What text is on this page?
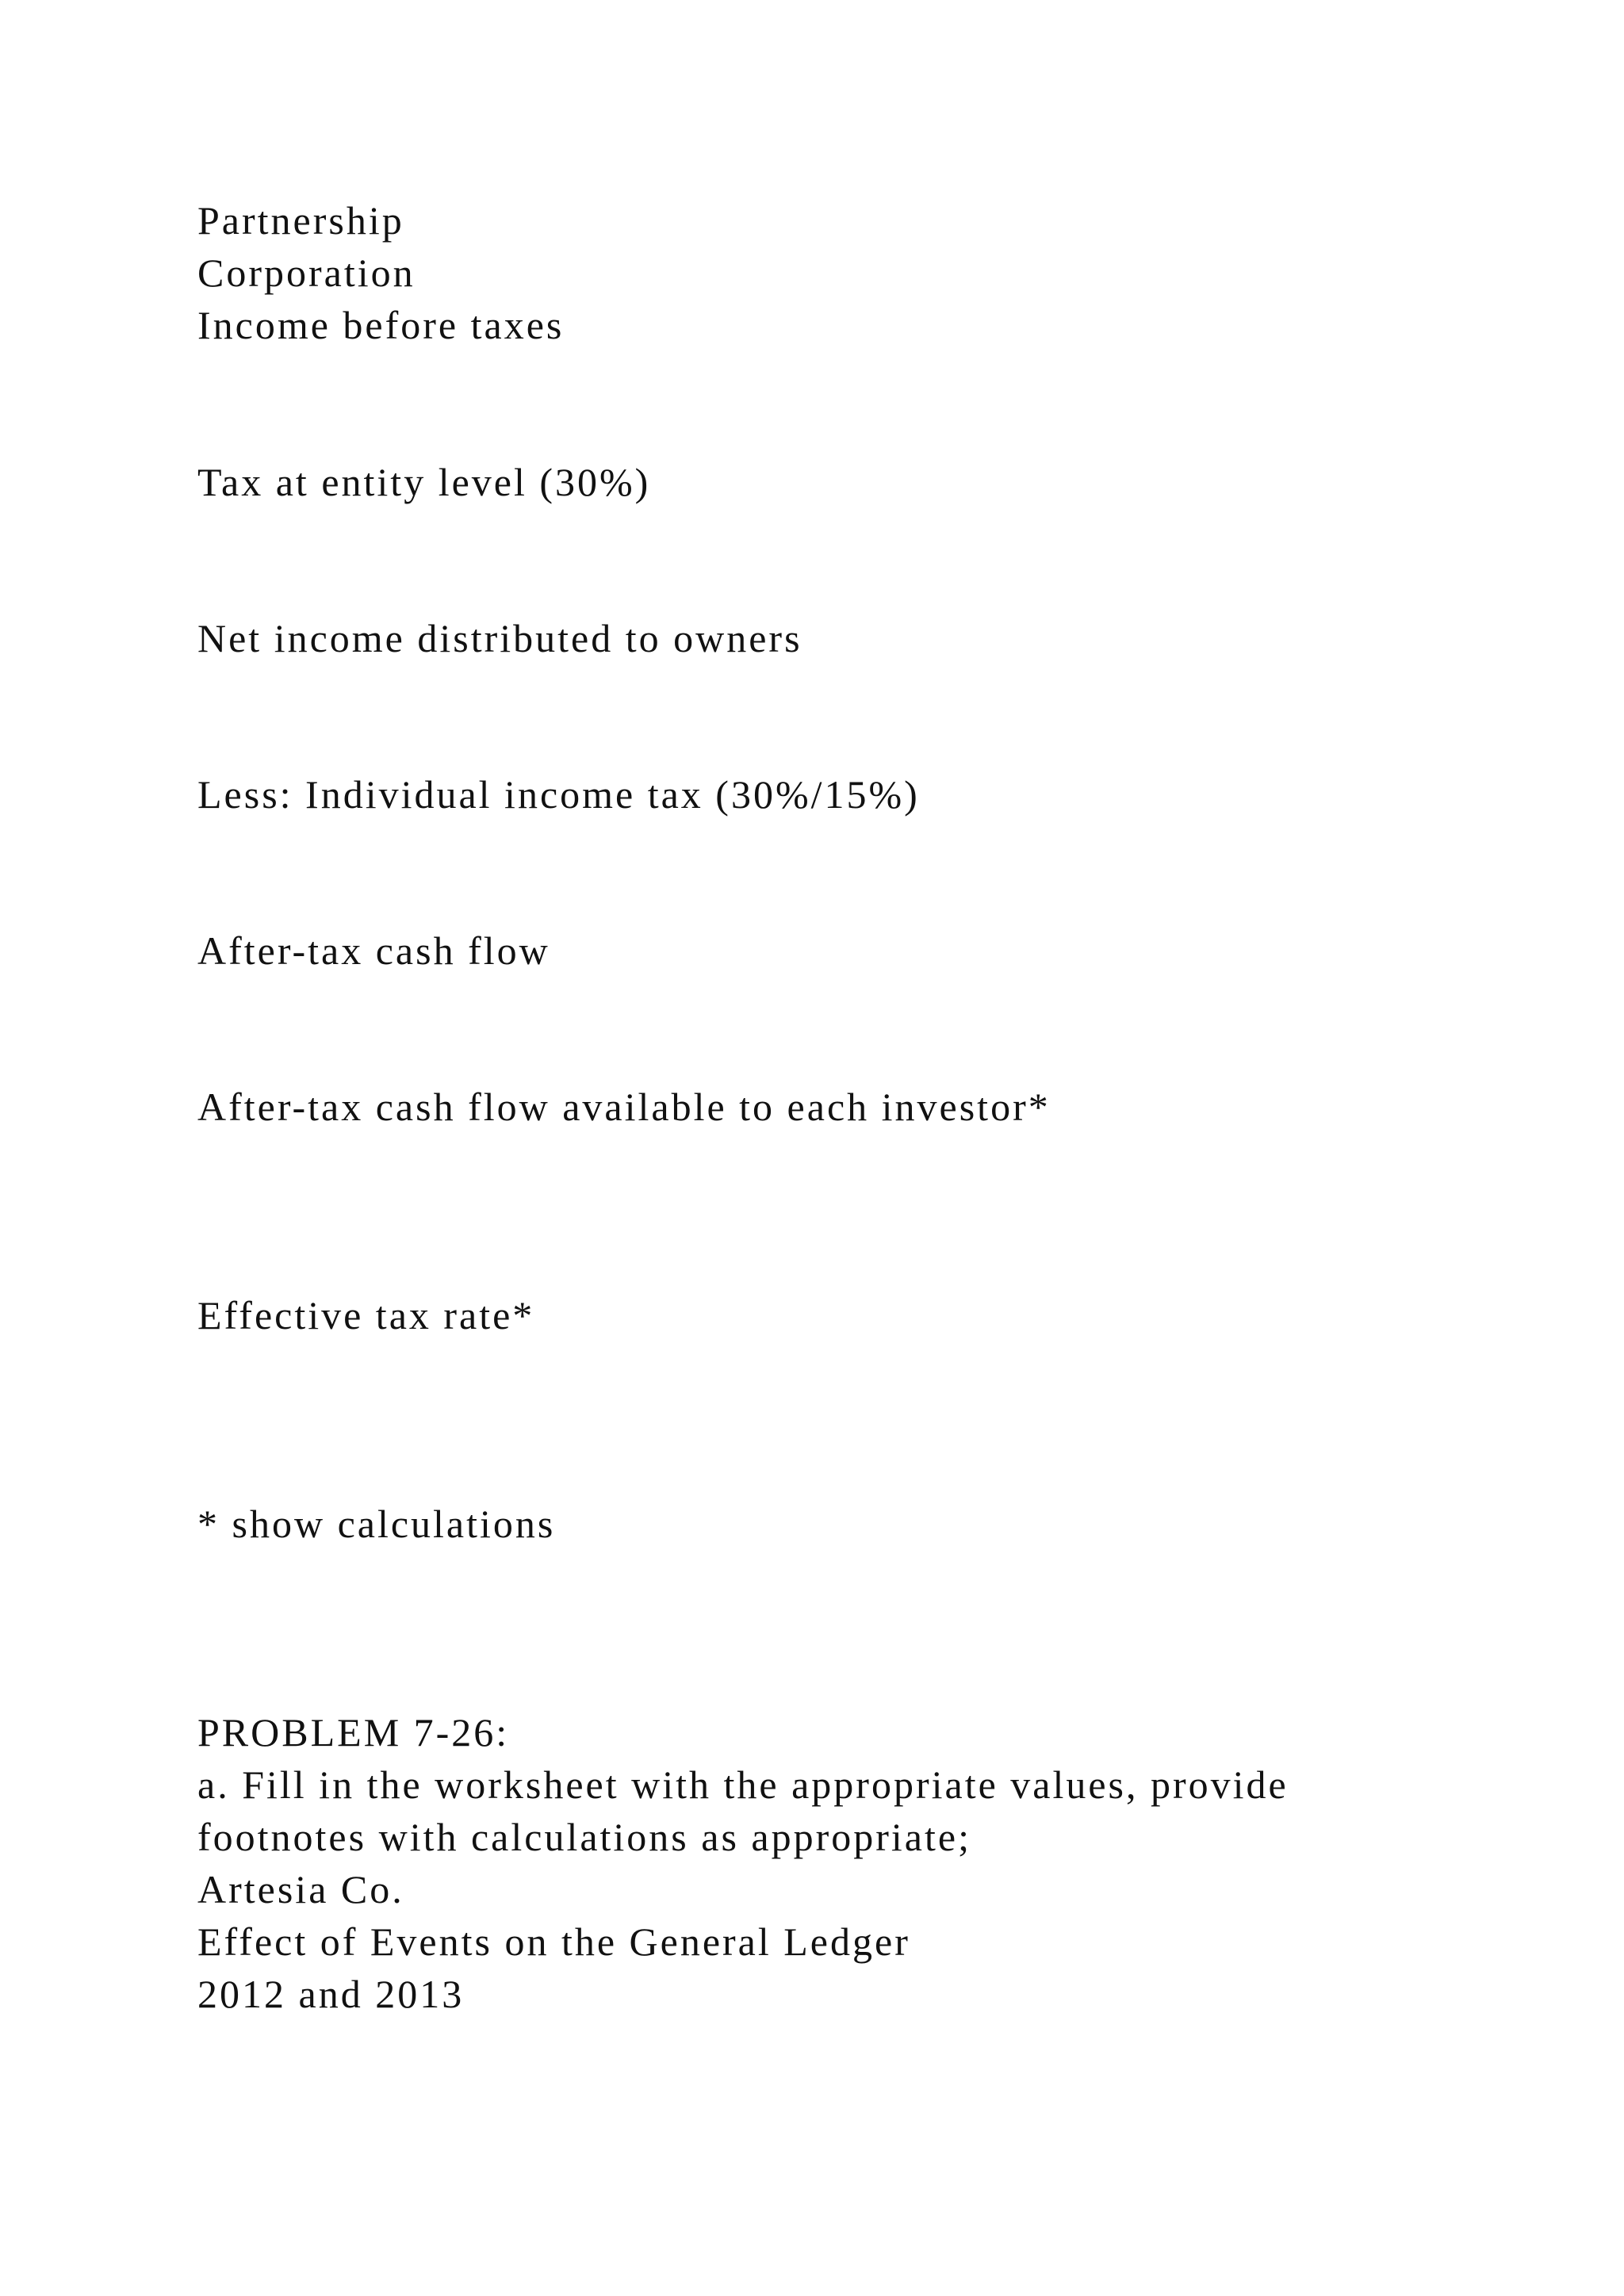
Partnership

Corporation

Income before taxes

Tax at entity level (30%)

Net income distributed to owners

Less: Individual income tax (30%/15%)

After-tax cash flow

After-tax cash flow available to each investor*

Effective tax rate*

* show calculations

PROBLEM 7-26:

a. Fill in the worksheet with the appropriate values, provide

footnotes with calculations as appropriate;

Artesia Co.

Effect of Events on the General Ledger

2012 and 2013
